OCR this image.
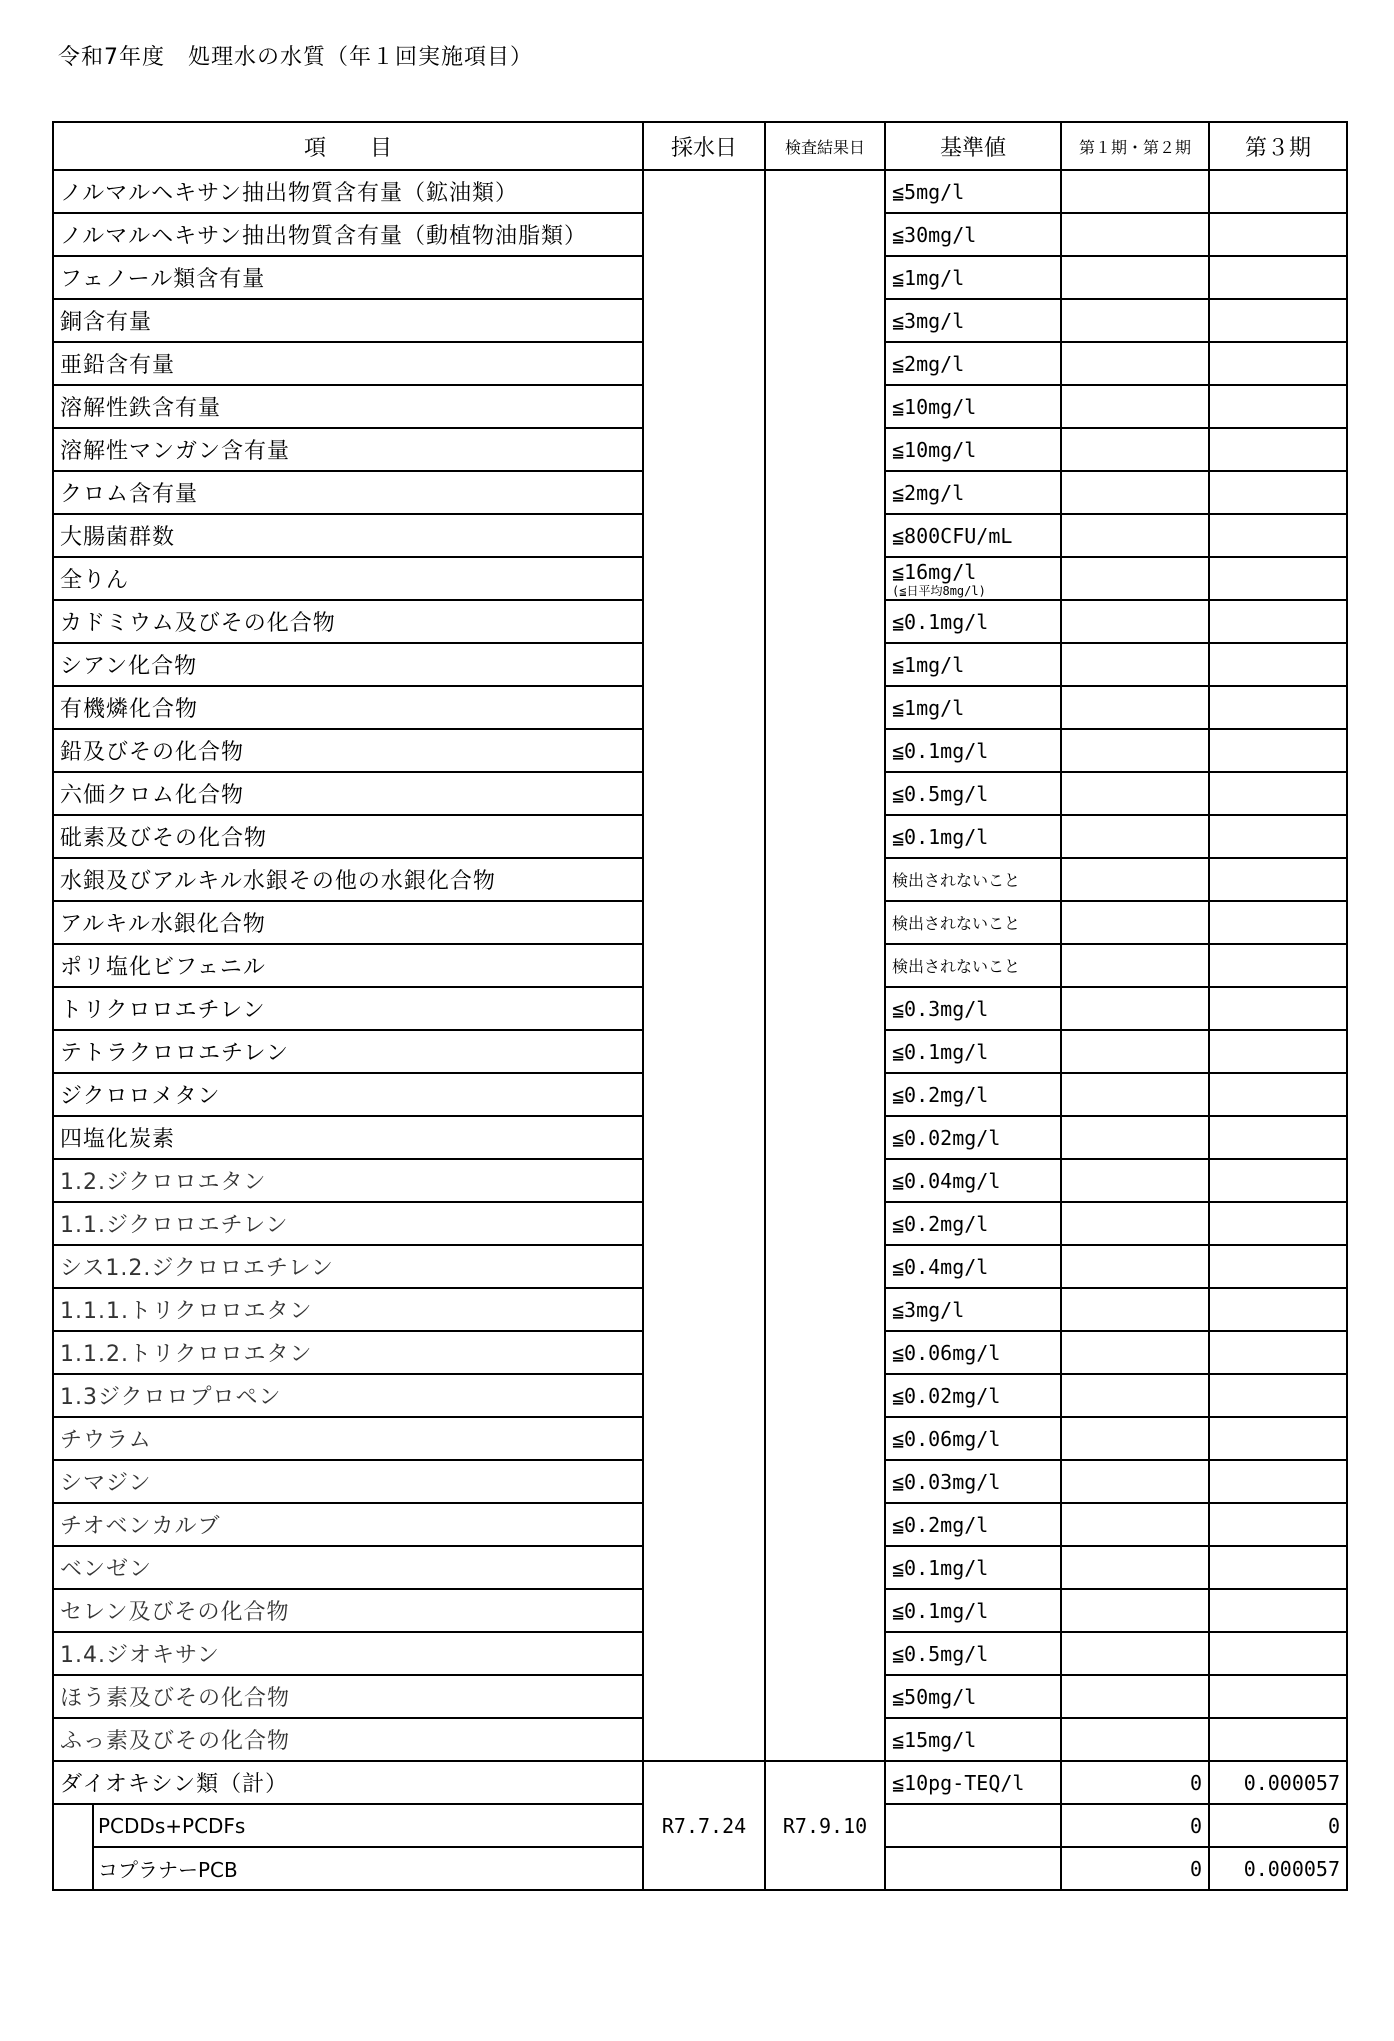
令和7年度　処理水の水質（年１回実施項目）
項　　目		採水日	検査結果日	基準値	第１期・第２期	第３期
ノルマルヘキサン抽出物質含有量（鉱油類）				≦5mg/l		
ノルマルヘキサン抽出物質含有量（動植物油脂類）				≦30mg/l		
フェノール類含有量				≦1mg/l		
銅含有量				≦3mg/l		
亜鉛含有量				≦2mg/l		
溶解性鉄含有量				≦10mg/l		
溶解性マンガン含有量				≦10mg/l		
クロム含有量				≦2mg/l		
大腸菌群数				≦800CFU/mL		
全りん				≦16mg/l
(≦日平均8mg/l)		

カドミウム及びその化合物				≦0.1mg/l		
シアン化合物				≦1mg/l		
有機燐化合物				≦1mg/l		
鉛及びその化合物				≦0.1mg/l		
六価クロム化合物				≦0.5mg/l		
砒素及びその化合物				≦0.1mg/l		
水銀及びアルキル水銀その他の水銀化合物				検出されないこと		
アルキル水銀化合物				検出されないこと		
ポリ塩化ビフェニル				検出されないこと		
トリクロロエチレン				≦0.3mg/l		
テトラクロロエチレン				≦0.1mg/l		
ジクロロメタン				≦0.2mg/l		
四塩化炭素				≦0.02mg/l		
1.2.ジクロロエタン				≦0.04mg/l		
1.1.ジクロロエチレン				≦0.2mg/l		
シス1.2.ジクロロエチレン				≦0.4mg/l		
1.1.1.トリクロロエタン				≦3mg/l		
1.1.2.トリクロロエタン				≦0.06mg/l		
1.3ジクロロプロペン				≦0.02mg/l		
チウラム				≦0.06mg/l		
シマジン				≦0.03mg/l		
チオベンカルブ				≦0.2mg/l		
ベンゼン				≦0.1mg/l		
セレン及びその化合物				≦0.1mg/l		
1.4.ジオキサン				≦0.5mg/l		
ほう素及びその化合物				≦50mg/l		
ふっ素及びその化合物				≦15mg/l		
ダイオキシン類（計）		R7.7.24	R7.9.10	≦10pg-TEQ/l	0	0.000057
	PCDDs+PCDFs				0	0
	コプラナーPCB				0	0.000057
